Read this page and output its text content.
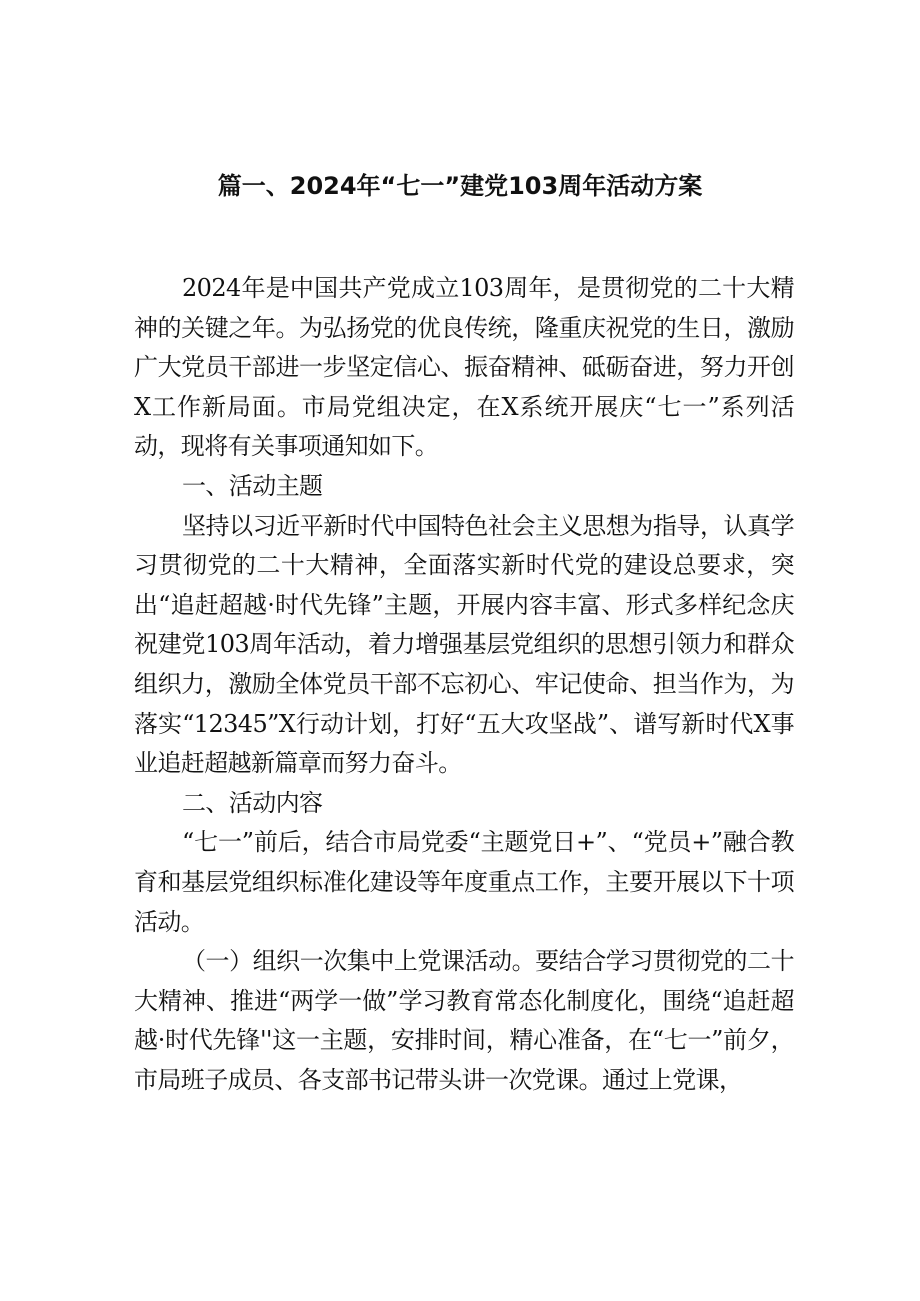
篇一、2024年“七一”建党103周年活动方案

2024年是中国共产党成立103周年，是贯彻党的二十大精神的关键之年。为弘扬党的优良传统，隆重庆祝党的生日，激励广大党员干部进一步坚定信心、振奋精神、砥砺奋进，努力开创X工作新局面。市局党组决定，在X系统开展庆“七一”系列活动，现将有关事项通知如下。

一、活动主题

坚持以习近平新时代中国特色社会主义思想为指导，认真学习贯彻党的二十大精神，全面落实新时代党的建设总要求，突出“追赶超越·时代先锋”主题，开展内容丰富、形式多样纪念庆祝建党103周年活动，着力增强基层党组织的思想引领力和群众组织力，激励全体党员干部不忘初心、牢记使命、担当作为，为落实“12345”X行动计划，打好“五大攻坚战”、谱写新时代X事业追赶超越新篇章而努力奋斗。

二、活动内容

“七一”前后，结合市局党委“主题党日+”、“党员+”融合教育和基层党组织标准化建设等年度重点工作，主要开展以下十项活动。

（一）组织一次集中上党课活动。要结合学习贯彻党的二十大精神、推进“两学一做”学习教育常态化制度化，围绕“追赶超越·时代先锋''这一主题，安排时间，精心准备，在“七一”前夕，市局班子成员、各支部书记带头讲一次党课。通过上党课，
